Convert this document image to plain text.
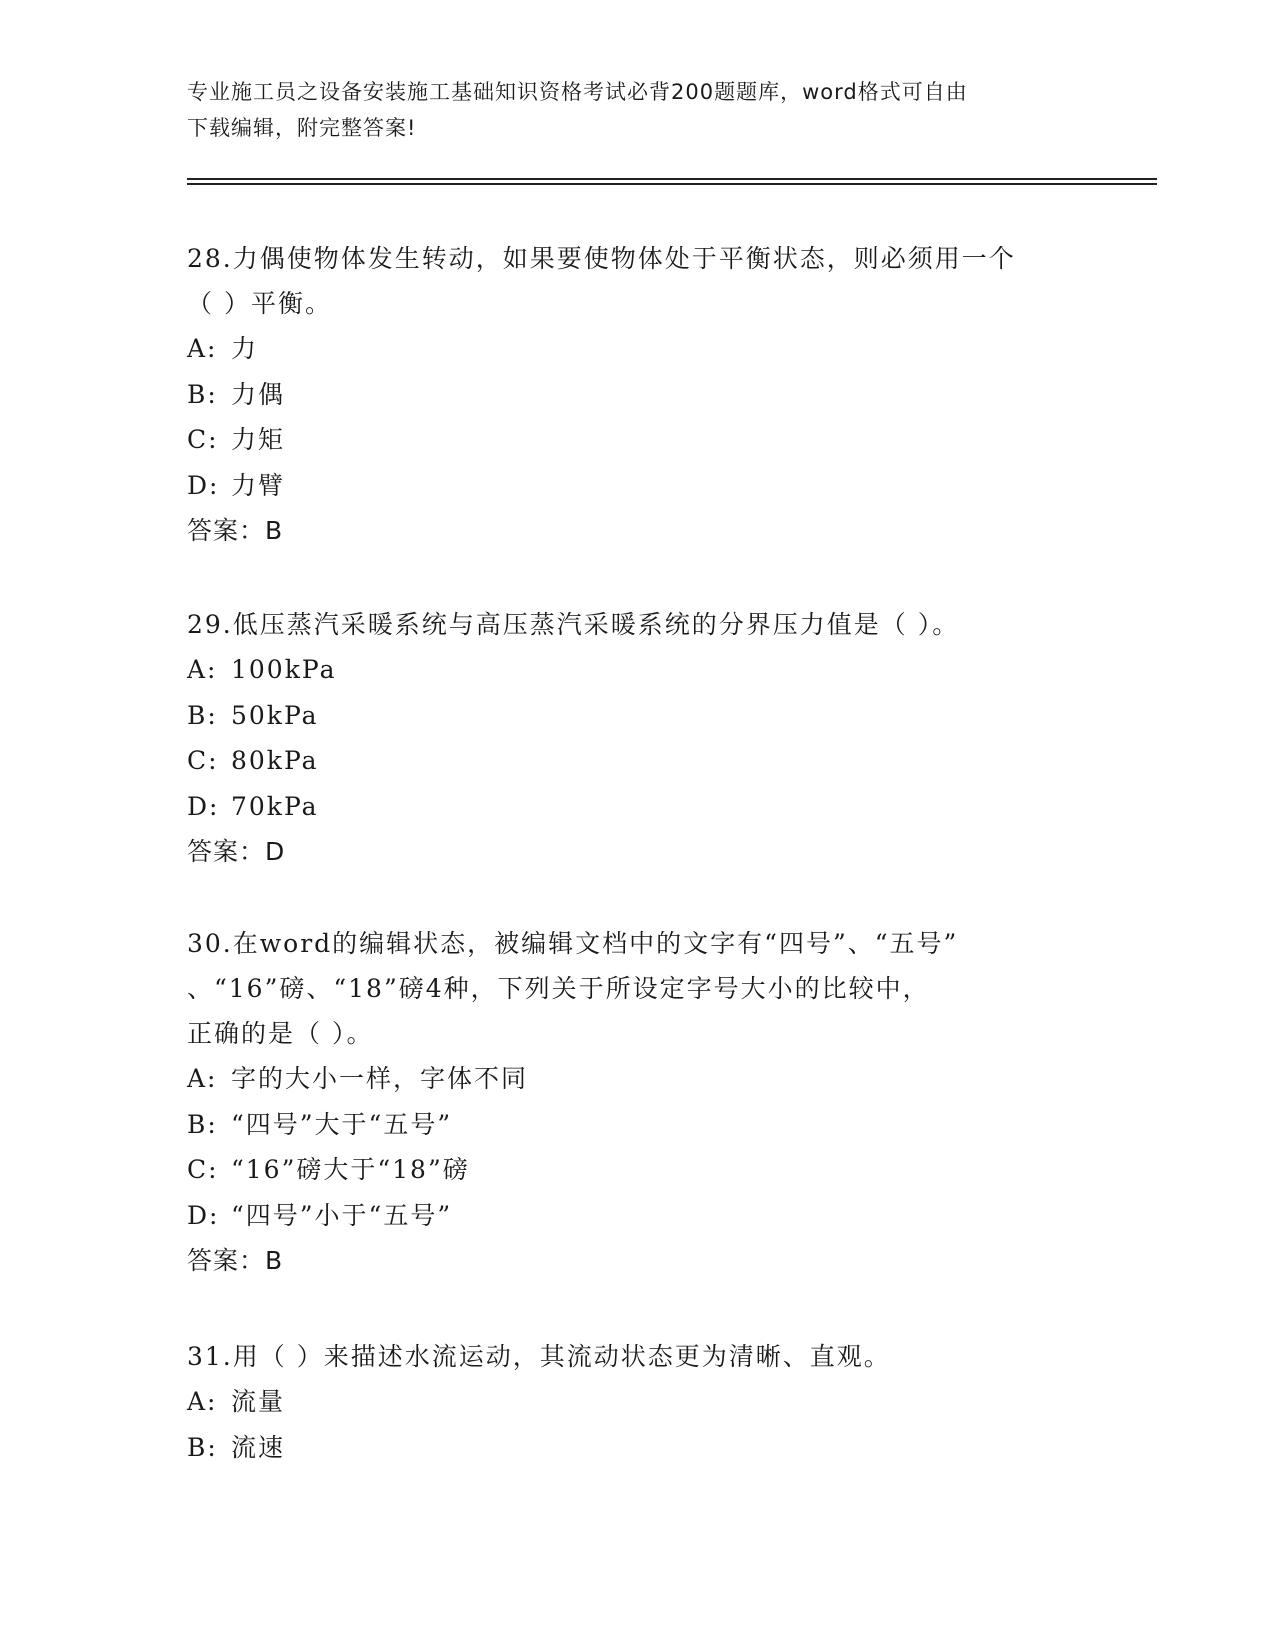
专业施工员之设备安装施工基础知识资格考试必背200题题库，word格式可自由
下载编辑，附完整答案!
28.力偶使物体发生转动，如果要使物体处于平衡状态，则必须用一个
（ ）平衡。
A: 力
B: 力偶
C: 力矩
D: 力臂
答案：B
29.低压蒸汽采暖系统与高压蒸汽采暖系统的分界压力值是（ ）。
A: 100kPa
B: 50kPa
C: 80kPa
D: 70kPa
答案：D
30.在word的编辑状态，被编辑文档中的文字有“四号”、“五号”
、“16”磅、“18”磅4种，下列关于所设定字号大小的比较中，
正确的是（ ）。
A: 字的大小一样，字体不同
B: “四号”大于“五号”
C: “16”磅大于“18”磅
D: “四号”小于“五号”
答案：B
31.用（ ）来描述水流运动，其流动状态更为清晰、直观。
A: 流量
B: 流速
